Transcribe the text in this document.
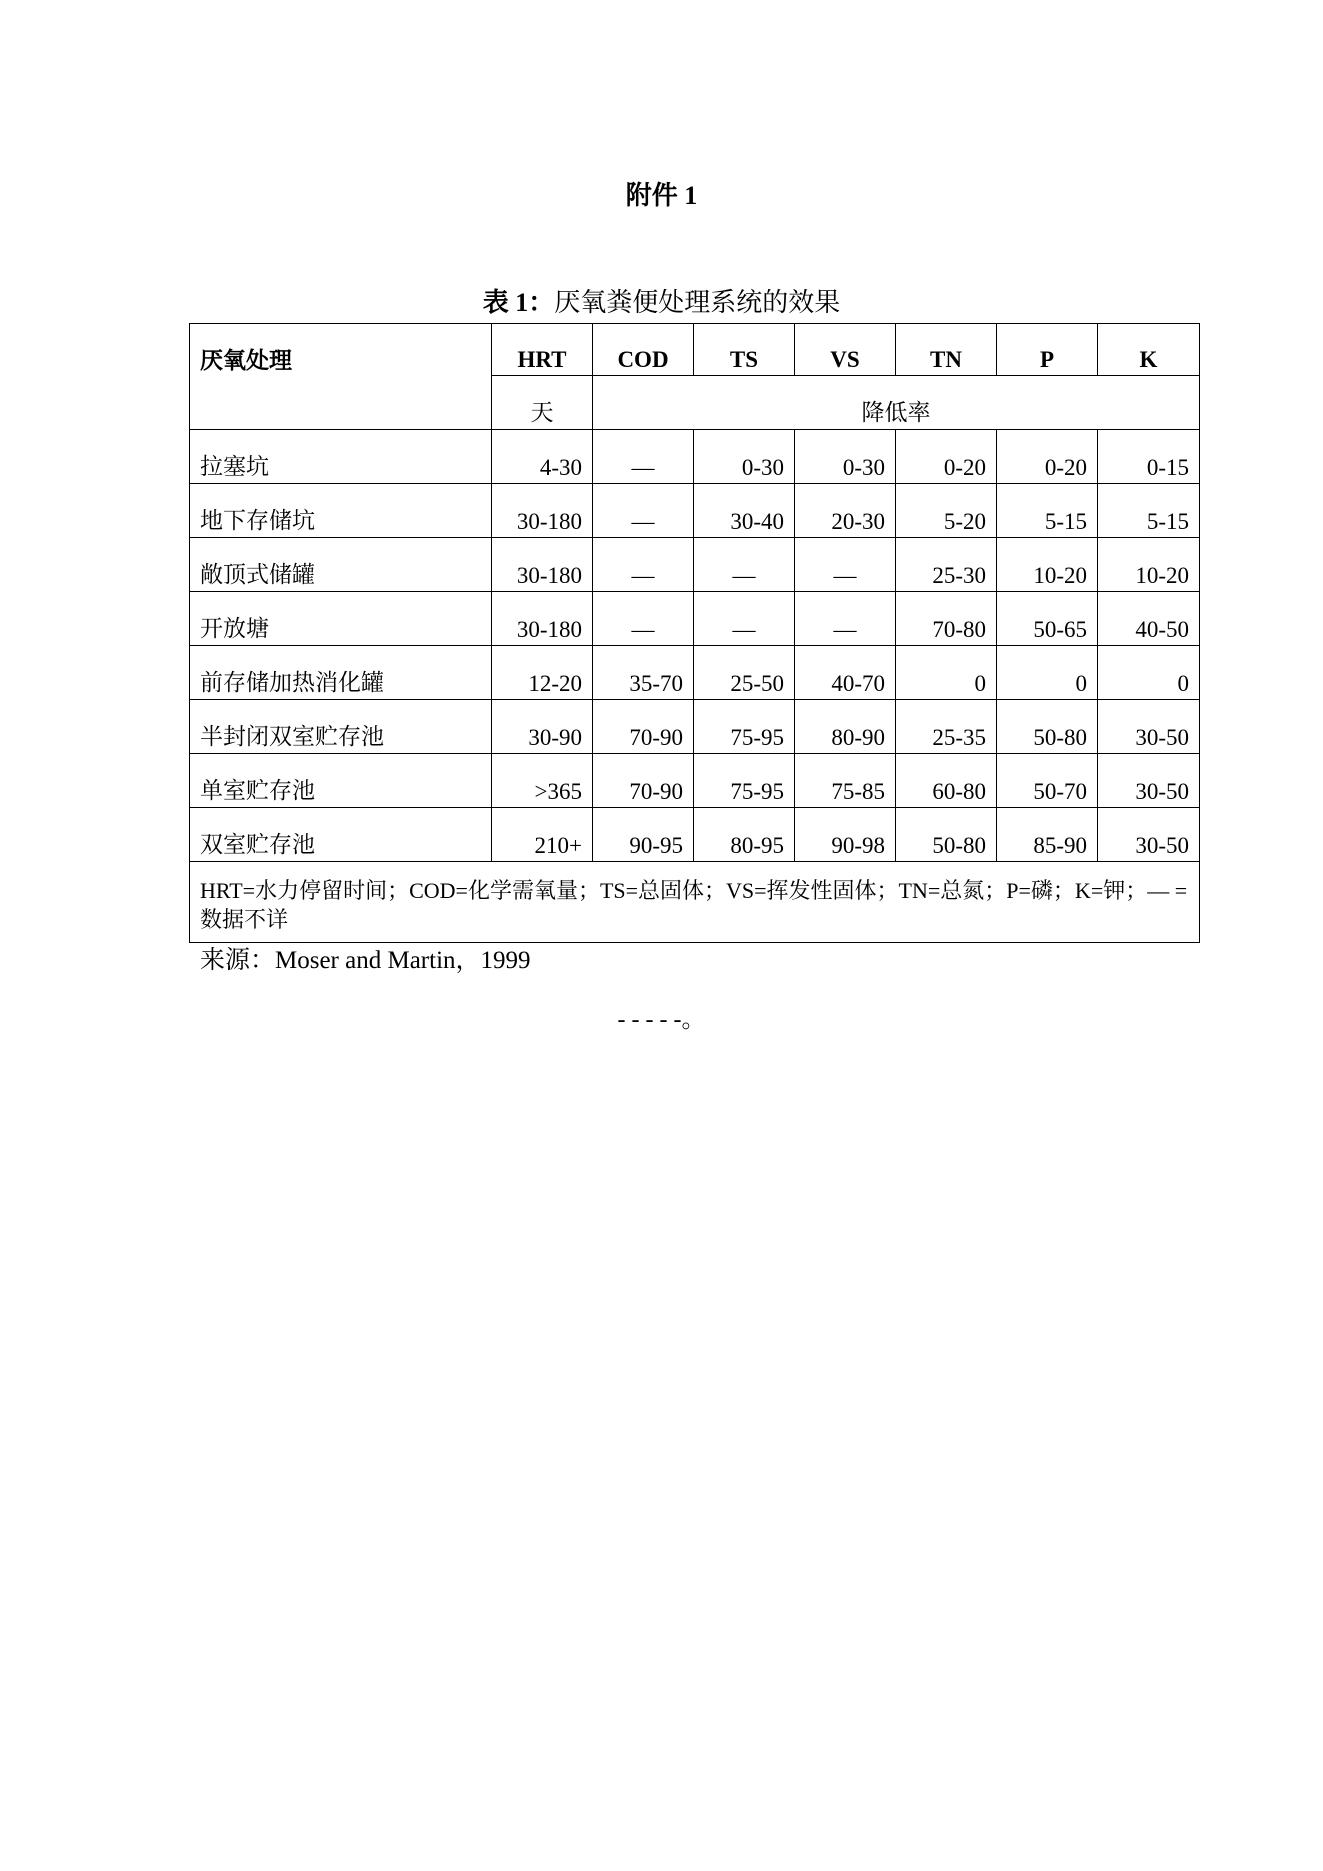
附件 1
表 1：厌氧粪便处理系统的效果
厌氧处理	HRT	COD	TS	VS	TN	P	K
	天	降低率					
拉塞坑	4-30	—	0-30	0-30	0-20	0-20	0-15
地下存储坑	30-180	—	30-40	20-30	5-20	5-15	5-15
敞顶式储罐	30-180	—	—	—	25-30	10-20	10-20
开放塘	30-180	—	—	—	70-80	50-65	40-50
前存储加热消化罐	12-20	35-70	25-50	40-70	0	0	0
半封闭双室贮存池	30-90	70-90	75-95	80-90	25-35	50-80	30-50
单室贮存池	>365	70-90	75-95	75-85	60-80	50-70	30-50
双室贮存池	210+	90-95	80-95	90-98	50-80	85-90	30-50
HRT=水力停留时间；COD=化学需氧量；TS=总固体；VS=挥发性固体；TN=总氮；P=磷；K=钾；— =数据不详							
来源：Moser and Martin，1999
- - - - -。
